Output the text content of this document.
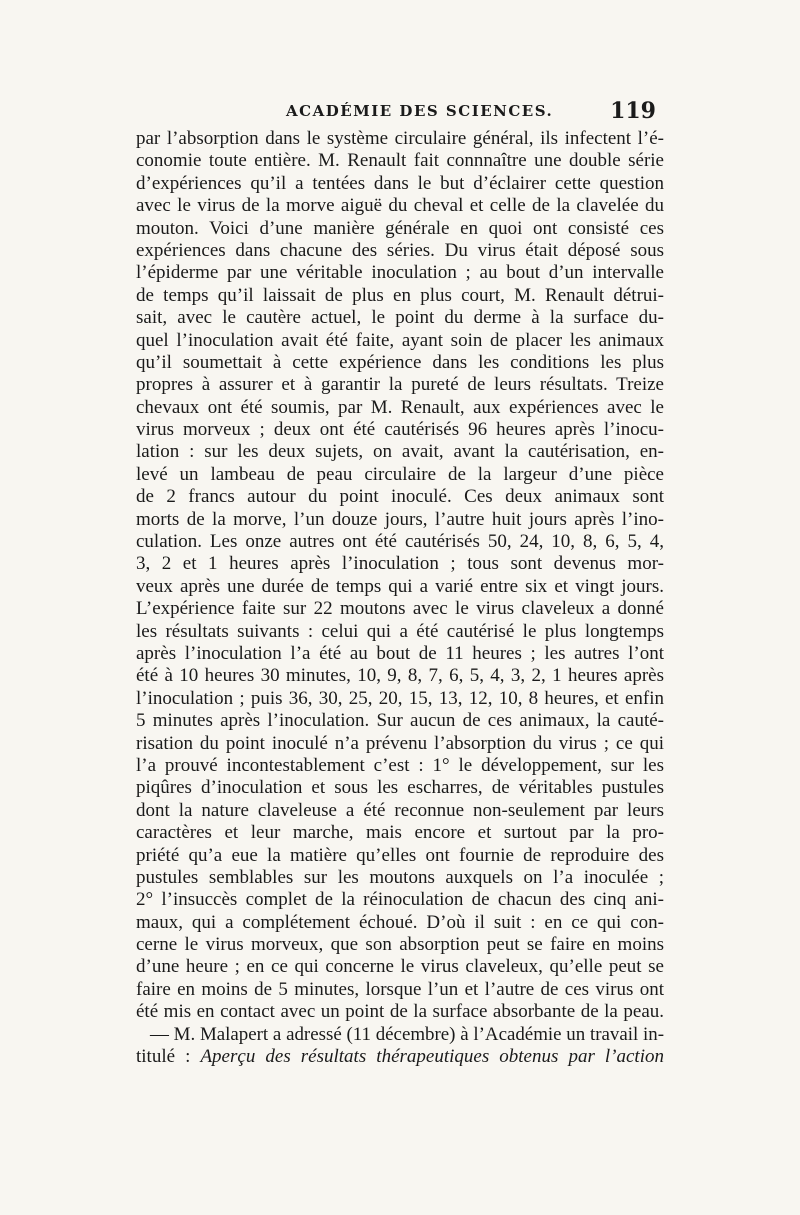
ACADÉMIE DES SCIENCES.	119
par l’absorption dans le système circulaire général, ils infectent l’é-
conomie toute entière. M. Renault fait connnaître une double série
d’expériences qu’il a tentées dans le but d’éclairer cette question
avec le virus de la morve aiguë du cheval et celle de la clavelée du
mouton. Voici d’une manière générale en quoi ont consisté ces
expériences dans chacune des séries. Du virus était déposé sous
l’épiderme par une véritable inoculation ; au bout d’un intervalle
de temps qu’il laissait de plus en plus court, M. Renault détrui-
sait, avec le cautère actuel, le point du derme à la surface du-
quel l’inoculation avait été faite, ayant soin de placer les animaux
qu’il soumettait à cette expérience dans les conditions les plus
propres à assurer et à garantir la pureté de leurs résultats. Treize
chevaux ont été soumis, par M. Renault, aux expériences avec le
virus morveux ; deux ont été cautérisés 96 heures après l’inocu-
lation : sur les deux sujets, on avait, avant la cautérisation, en-
levé un lambeau de peau circulaire de la largeur d’une pièce
de 2 francs autour du point inoculé. Ces deux animaux sont
morts de la morve, l’un douze jours, l’autre huit jours après l’ino-
culation. Les onze autres ont été cautérisés 50, 24, 10, 8, 6, 5, 4,
3, 2 et 1 heures après l’inoculation ; tous sont devenus mor-
veux après une durée de temps qui a varié entre six et vingt jours.
L’expérience faite sur 22 moutons avec le virus claveleux a donné
les résultats suivants : celui qui a été cautérisé le plus longtemps
après l’inoculation l’a été au bout de 11 heures ; les autres l’ont
été à 10 heures 30 minutes, 10, 9, 8, 7, 6, 5, 4, 3, 2, 1 heures après
l’inoculation ; puis 36, 30, 25, 20, 15, 13, 12, 10, 8 heures, et enfin
5 minutes après l’inoculation. Sur aucun de ces animaux, la cauté-
risation du point inoculé n’a prévenu l’absorption du virus ; ce qui
l’a prouvé incontestablement c’est : 1° le développement, sur les
piqûres d’inoculation et sous les escharres, de véritables pustules
dont la nature claveleuse a été reconnue non-seulement par leurs
caractères et leur marche, mais encore et surtout par la pro-
priété qu’a eue la matière qu’elles ont fournie de reproduire des
pustules semblables sur les moutons auxquels on l’a inoculée ;
2° l’insuccès complet de la réinoculation de chacun des cinq ani-
maux, qui a complétement échoué. D’où il suit : en ce qui con-
cerne le virus morveux, que son absorption peut se faire en moins
d’une heure ; en ce qui concerne le virus claveleux, qu’elle peut se
faire en moins de 5 minutes, lorsque l’un et l’autre de ces virus ont
été mis en contact avec un point de la surface absorbante de la peau.
— M. Malapert a adressé (11 décembre) à l’Académie un travail in-
titulé : Aperçu des résultats thérapeutiques obtenus par l’action
